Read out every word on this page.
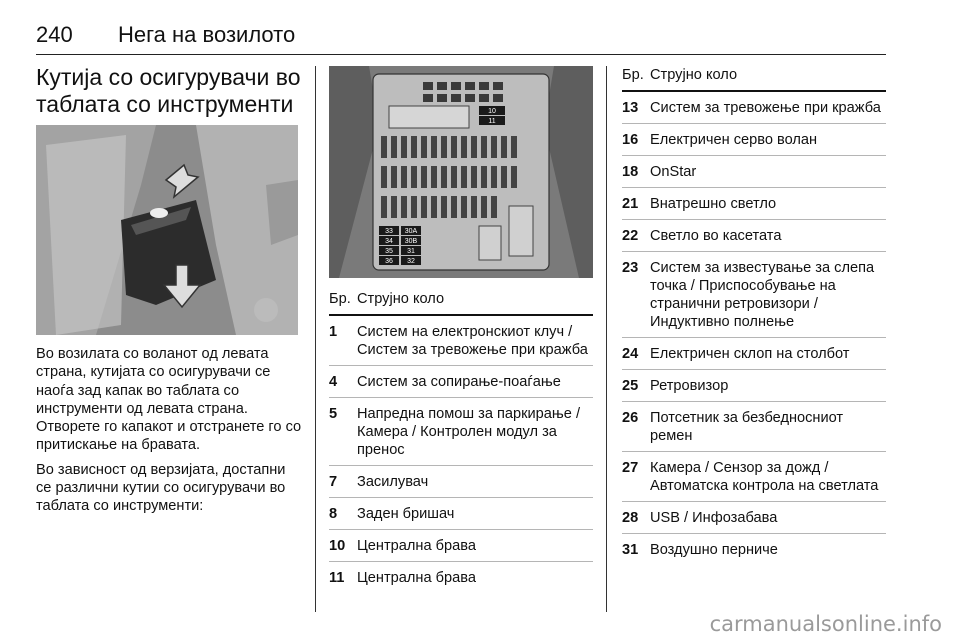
240 Нега на возилото
Кутија со осигурувачи во таблата со инструменти

Во возилата со воланот од левата страна, кутијата со осигурувачи се наоѓа зад капак во таблата со инструменти од левата страна. Отворете го капакот и отстранете го со притискање на бравата.

Во зависност од верзијата, достапни се различни кутии со осигурувачи во таблата со инструменти:

10
11
33 30A
34 30B
35 31
36 32
Бр. Струјно коло
1	Систем на електронскиот клуч / Систем за тревожење при кражба
4	Систем за сопирање-поаѓање
5	Напредна помош за паркирање / Камера / Контролен модул за пренос
7	Засилувач
8	Заден бришач
10 Централна брава
11 Централна брава
Бр. Струјно коло
13 Систем за тревожење при кражба
16 Електричен серво волан
18 OnStar
21 Внатрешно светло
22 Светло во касетата
23 Систем за известување за слепа точка / Приспособување на странични ретровизори / Индуктивно полнење
24 Електричен склоп на столбот
25 Ретровизор
26 Потсетник за безбедносниот ремен
27 Камера / Сензор за дожд / Автоматска контрола на светлата
28 USB / Инфозабава
31 Воздушно перниче
carmanualsonline.info
